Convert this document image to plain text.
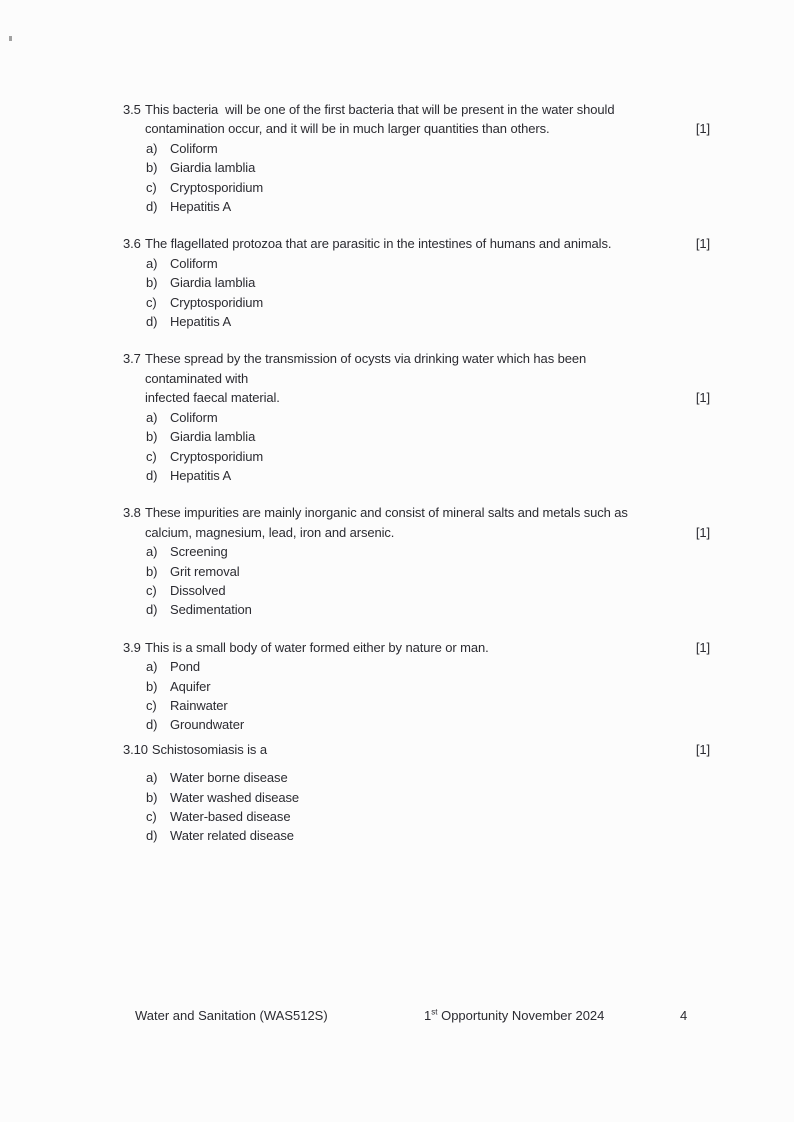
3.5 This bacteria  will be one of the first bacteria that will be present in the water should
contamination occur, and it will be in much larger quantities than others.	[1]
a) Coliform
b) Giardia lamblia
c)	Cryptosporidium
d) Hepatitis A
3.6 The flagellated protozoa that are parasitic in the intestines of humans and animals.	[1]
a) Coliform
b) Giardia lamblia
c)	Cryptosporidium
d) Hepatitis A
3.7 These spread by the transmission of ocysts via drinking water which has been
contaminated with
infected faecal material.	[1]
a) Coliform
b) Giardia lamblia
c)	Cryptosporidium
d) Hepatitis A
3.8 These impurities are mainly inorganic and consist of mineral salts and metals such as
calcium, magnesium, lead, iron and arsenic.	[1]
a) Screening
b) Grit removal
c)	Dissolved
d) Sedimentation
3.9 This is a small body of water formed either by nature or man.	[1]
a) Pond
b) Aquifer
c)	Rainwater
d) Groundwater
3.10 Schistosomiasis is a	[1]
a) Water borne disease
b) Water washed disease
c)	Water-based disease
d) Water related disease
Water and Sanitation (WAS512S)	1st Opportunity November 2024	4
